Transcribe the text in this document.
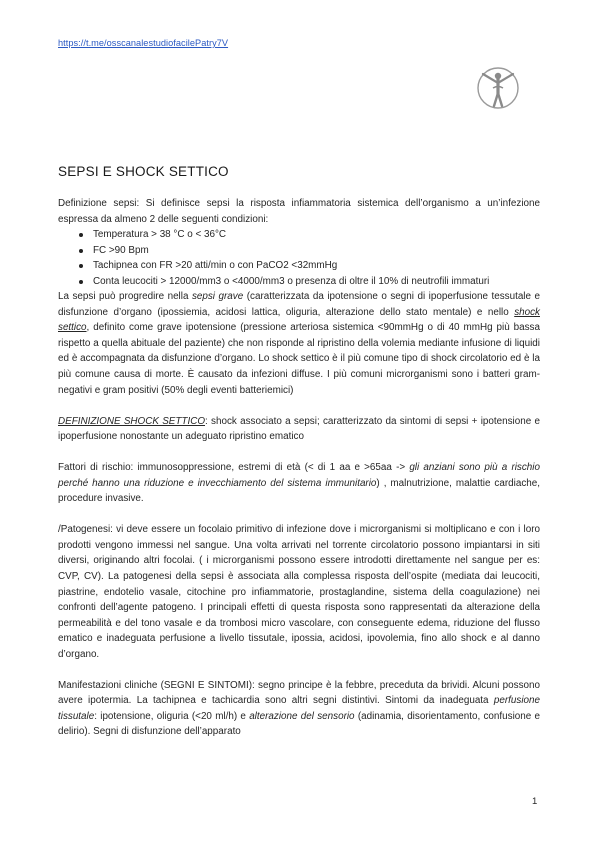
https://t.me/osscanalestudiofacilePatry7V
SEPSI E SHOCK SETTICO

Definizione sepsi: Si definisce sepsi la risposta infiammatoria sistemica dell’organismo a un’infezione espressa da almeno 2 delle seguenti condizioni:

Temperatura > 38 °C o < 36°C
FC >90 Bpm
Tachipnea con FR >20 atti/min o con PaCO2 <32mmHg
Conta leucociti > 12000/mm3 o <4000/mm3 o presenza di oltre il 10% di neutrofili immaturi

La sepsi può progredire nella sepsi grave (caratterizzata da ipotensione o segni di ipoperfusione tessutale e disfunzione d’organo (ipossiemia, acidosi lattica, oliguria, alterazione dello stato mentale) e nello shock settico, definito come grave ipotensione (pressione arteriosa sistemica <90mmHg o di 40 mmHg più bassa rispetto a quella abituale del paziente) che non risponde al ripristino della volemia mediante infusione di liquidi ed è accompagnata da disfunzione d’organo. Lo shock settico è il più comune tipo di shock circolatorio ed è la più comune causa di morte. È causato da infezioni diffuse. I più comuni microrganismi sono i batteri gram-negativi e gram positivi (50% degli eventi batteriemici)

DEFINIZIONE SHOCK SETTICO: shock associato a sepsi; caratterizzato da sintomi di sepsi + ipotensione e ipoperfusione nonostante un adeguato ripristino ematico

Fattori di rischio: immunosoppressione, estremi di età (< di 1 aa e >65aa -> gli anziani sono più a rischio perché hanno una riduzione e invecchiamento del sistema immunitario) , malnutrizione, malattie cardiache, procedure invasive.

/Patogenesi: vi deve essere un focolaio primitivo di infezione dove i microrganismi si moltiplicano e con i loro prodotti vengono immessi nel sangue. Una volta arrivati nel torrente circolatorio possono impiantarsi in siti diversi, originando altri focolai. ( i microrganismi possono essere introdotti direttamente nel sangue per es: CVP, CV). La patogenesi della sepsi è associata alla complessa risposta dell’ospite (mediata dai leucociti, piastrine, endotelio vasale, citochine pro infiammatorie, prostaglandine, sistema della coagulazione) nei confronti dell’agente patogeno. I principali effetti di questa risposta sono rappresentati da alterazione della permeabilità e del tono vasale e da trombosi micro vascolare, con conseguente edema, riduzione del flusso ematico e inadeguata perfusione a livello tissutale, ipossia, acidosi, ipovolemia, fino allo shock e al danno d’organo.

Manifestazioni cliniche (SEGNI E SINTOMI): segno principe è la febbre, preceduta da brividi. Alcuni possono avere ipotermia. La tachipnea e tachicardia sono altri segni distintivi. Sintomi da inadeguata perfusione tissutale: ipotensione, oliguria (<20 ml/h) e alterazione del sensorio (adinamia, disorientamento, confusione e delirio). Segni di disfunzione dell’apparato

1
